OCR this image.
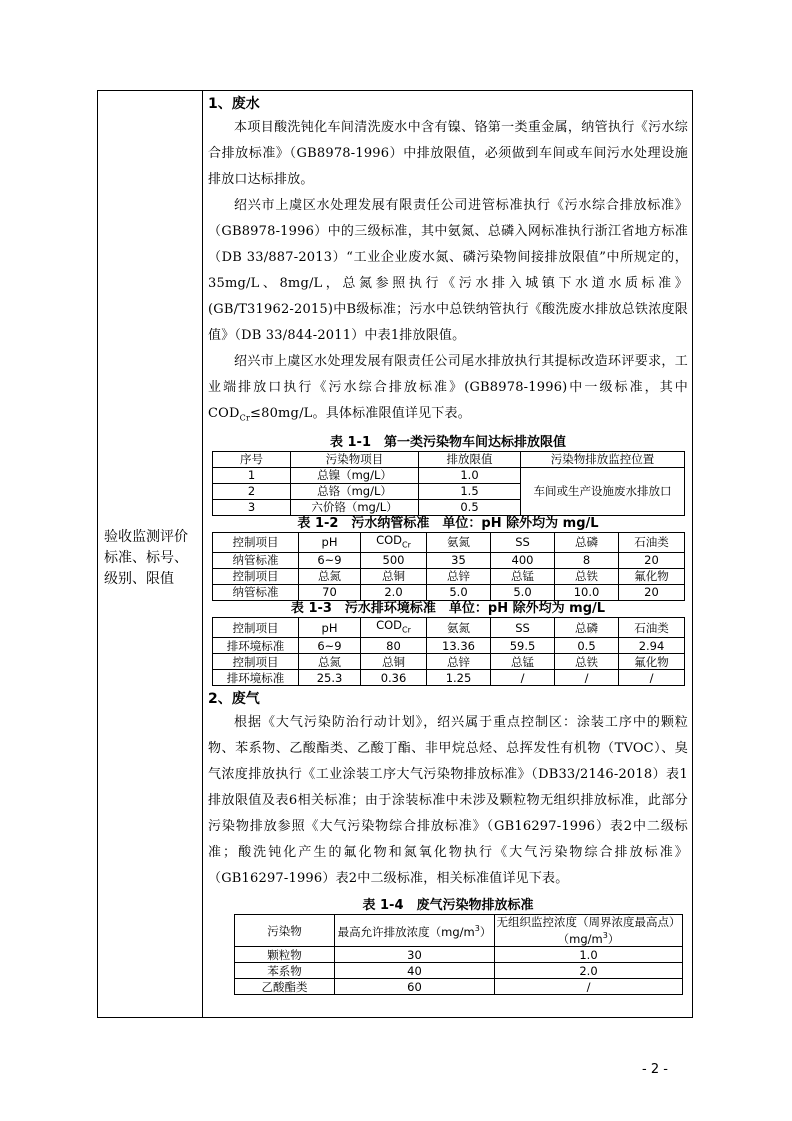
验收监测评价标准、标号、级别、限值

1、废水

本项目酸洗钝化车间清洗废水中含有镍、铬第一类重金属，纳管执行《污水综合排放标准》（GB8978-1996）中排放限值，必须做到车间或车间污水处理设施排放口达标排放。

绍兴市上虞区水处理发展有限责任公司进管标准执行《污水综合排放标准》（GB8978-1996）中的三级标准，其中氨氮、总磷入网标准执行浙江省地方标准（DB 33/887-2013）“工业企业废水氮、磷污染物间接排放限值”中所规定的，35mg/L、8mg/L，总氮参照执行《污水排入城镇下水道水质标准》(GB/T31962-2015)中B级标准；污水中总铁纳管执行《酸洗废水排放总铁浓度限值》（DB 33/844-2011）中表1排放限值。

绍兴市上虞区水处理发展有限责任公司尾水排放执行其提标改造环评要求，工业端排放口执行《污水综合排放标准》(GB8978-1996)中一级标准，其中$COD_{Cr}\le 80mg/L$。具体标准限值详见下表。

表 1-1　第一类污染物车间达标排放限值

序号	污染物项目	排放限值	污染物排放监控位置
1	总镍（mg/L）	1.0	车间或生产设施废水排放口
2	总铬（mg/L）	1.5	
3	六价铬（mg/L）	0.5	

表 1-2　污水纳管标准　单位：pH 除外均为 mg/L

控制项目	pH	$COD_{Cr}$	氨氮	SS	总磷	石油类
纳管标准	6~9	500	35	400	8	20
控制项目	总氮	总铜	总锌	总锰	总铁	氟化物
纳管标准	70	2.0	5.0	5.0	10.0	20

表 1-3　污水排环境标准　单位：pH 除外均为 mg/L

控制项目	pH	$COD_{Cr}$	氨氮	SS	总磷	石油类
排环境标准	6~9	80	13.36	59.5	0.5	2.94
控制项目	总氮	总铜	总锌	总锰	总铁	氟化物
排环境标准	25.3	0.36	1.25	/	/	/

2、废气

根据《大气污染防治行动计划》，绍兴属于重点控制区：涂装工序中的颗粒物、苯系物、乙酸酯类、乙酸丁酯、非甲烷总烃、总挥发性有机物（TVOC）、臭气浓度排放执行《工业涂装工序大气污染物排放标准》（DB33/2146-2018）表1排放限值及表6相关标准；由于涂装标准中未涉及颗粒物无组织排放标准，此部分污染物排放参照《大气污染物综合排放标准》（GB16297-1996）表2中二级标准；酸洗钝化产生的氟化物和氮氧化物执行《大气污染物综合排放标准》（GB16297-1996）表2中二级标准，相关标准值详见下表。

表 1-4　废气污染物排放标准

污染物	最高允许排放浓度$(mg/m^3)$	无组织监控浓度（周界浓度最高点）$(mg/m^3)$
颗粒物	30	1.0
苯系物	40	2.0
乙酸酯类	60	/
- 2 -
